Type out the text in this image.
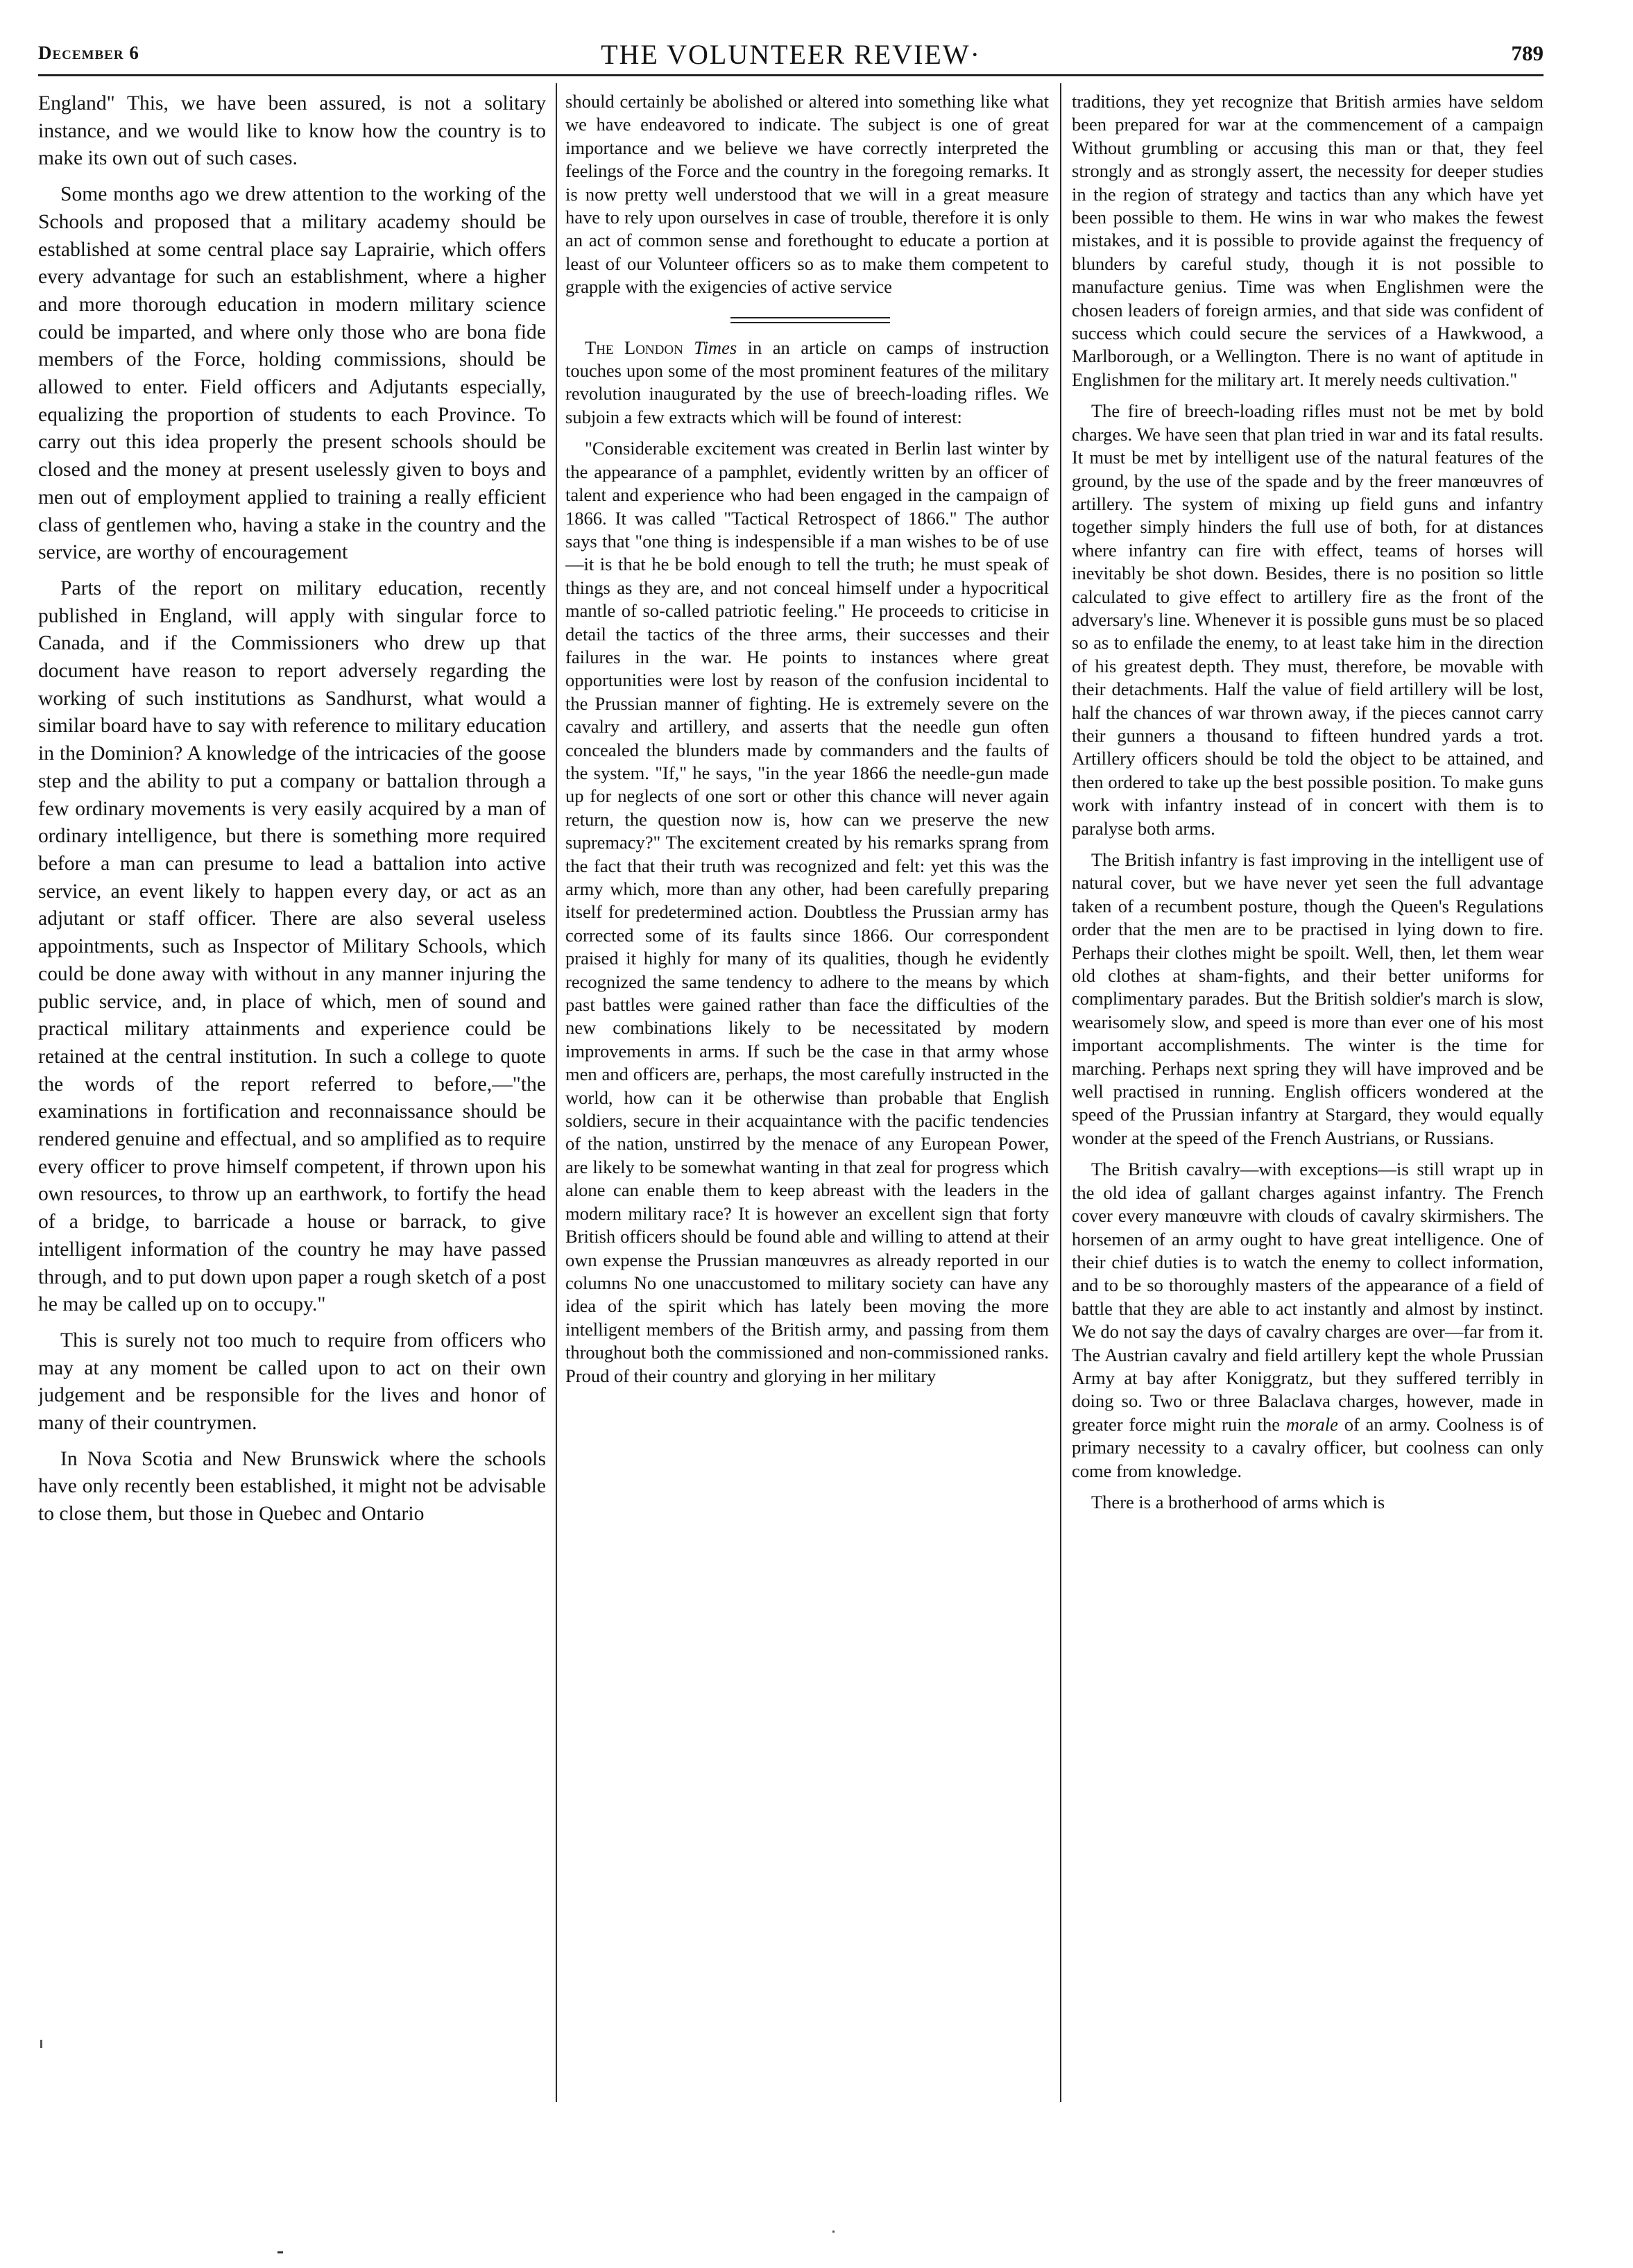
December 6	THE VOLUNTEER REVIEW·	789

England" This, we have been assured, is not a solitary instance, and we would like to know how the country is to make its own out of such cases.

Some months ago we drew attention to the working of the Schools and proposed that a military academy should be established at some central place say Laprairie, which offers every advantage for such an establishment, where a higher and more thorough education in modern military science could be imparted, and where only those who are bona fide members of the Force, holding commissions, should be allowed to enter. Field officers and Adjutants especially, equalizing the proportion of students to each Province. To carry out this idea properly the present schools should be closed and the money at present uselessly given to boys and men out of employment applied to training a really efficient class of gentlemen who, having a stake in the country and the service, are worthy of encouragement

Parts of the report on military education, recently published in England, will apply with singular force to Canada, and if the Commissioners who drew up that document have reason to report adversely regarding the working of such institutions as Sandhurst, what would a similar board have to say with reference to military education in the Dominion? A knowledge of the intricacies of the goose step and the ability to put a company or battalion through a few ordinary movements is very easily acquired by a man of ordinary intelligence, but there is something more required before a man can presume to lead a battalion into active service, an event likely to happen every day, or act as an adjutant or staff officer. There are also several useless appointments, such as Inspector of Military Schools, which could be done away with without in any manner injuring the public service, and, in place of which, men of sound and practical military attainments and experience could be retained at the central institution. In such a college to quote the words of the report referred to before,—"the examinations in fortification and reconnaissance should be rendered genuine and effectual, and so amplified as to require every officer to prove himself competent, if thrown upon his own resources, to throw up an earthwork, to fortify the head of a bridge, to barricade a house or barrack, to give intelligent information of the country he may have passed through, and to put down upon paper a rough sketch of a post he may be called up on to occupy."

This is surely not too much to require from officers who may at any moment be called upon to act on their own judgement and be responsible for the lives and honor of many of their countrymen.

In Nova Scotia and New Brunswick where the schools have only recently been established, it might not be advisable to close them, but those in Quebec and Ontario

should certainly be abolished or altered into something like what we have endeavored to indicate. The subject is one of great importance and we believe we have correctly interpreted the feelings of the Force and the country in the foregoing remarks. It is now pretty well understood that we will in a great measure have to rely upon ourselves in case of trouble, therefore it is only an act of common sense and forethought to educate a portion at least of our Volunteer officers so as to make them competent to grapple with the exigencies of active service

The London Times in an article on camps of instruction touches upon some of the most prominent features of the military revolution inaugurated by the use of breech-loading rifles. We subjoin a few extracts which will be found of interest:

"Considerable excitement was created in Berlin last winter by the appearance of a pamphlet, evidently written by an officer of talent and experience who had been engaged in the campaign of 1866. It was called "Tactical Retrospect of 1866." The author says that "one thing is indespensible if a man wishes to be of use—it is that he be bold enough to tell the truth; he must speak of things as they are, and not conceal himself under a hypocritical mantle of so-called patriotic feeling." He proceeds to criticise in detail the tactics of the three arms, their successes and their failures in the war. He points to instances where great opportunities were lost by reason of the confusion incidental to the Prussian manner of fighting. He is extremely severe on the cavalry and artillery, and asserts that the needle gun often concealed the blunders made by commanders and the faults of the system. "If," he says, "in the year 1866 the needle-gun made up for neglects of one sort or other this chance will never again return, the question now is, how can we preserve the new supremacy?" The excitement created by his remarks sprang from the fact that their truth was recognized and felt: yet this was the army which, more than any other, had been carefully preparing itself for predetermined action. Doubtless the Prussian army has corrected some of its faults since 1866. Our correspondent praised it highly for many of its qualities, though he evidently recognized the same tendency to adhere to the means by which past battles were gained rather than face the difficulties of the new combinations likely to be necessitated by modern improvements in arms. If such be the case in that army whose men and officers are, perhaps, the most carefully instructed in the world, how can it be otherwise than probable that English soldiers, secure in their acquaintance with the pacific tendencies of the nation, unstirred by the menace of any European Power, are likely to be somewhat wanting in that zeal for progress which alone can enable them to keep abreast with the leaders in the modern military race? It is however an excellent sign that forty British officers should be found able and willing to attend at their own expense the Prussian manœuvres as already reported in our columns No one unaccustomed to military society can have any idea of the spirit which has lately been moving the more intelligent members of the British army, and passing from them throughout both the commissioned and non-commissioned ranks. Proud of their country and glorying in her military

traditions, they yet recognize that British armies have seldom been prepared for war at the commencement of a campaign Without grumbling or accusing this man or that, they feel strongly and as strongly assert, the necessity for deeper studies in the region of strategy and tactics than any which have yet been possible to them. He wins in war who makes the fewest mistakes, and it is possible to provide against the frequency of blunders by careful study, though it is not possible to manufacture genius. Time was when Englishmen were the chosen leaders of foreign armies, and that side was confident of success which could secure the services of a Hawkwood, a Marlborough, or a Wellington. There is no want of aptitude in Englishmen for the military art. It merely needs cultivation."

The fire of breech-loading rifles must not be met by bold charges. We have seen that plan tried in war and its fatal results. It must be met by intelligent use of the natural features of the ground, by the use of the spade and by the freer manœuvres of artillery. The system of mixing up field guns and infantry together simply hinders the full use of both, for at distances where infantry can fire with effect, teams of horses will inevitably be shot down. Besides, there is no position so little calculated to give effect to artillery fire as the front of the adversary's line. Whenever it is possible guns must be so placed so as to enfilade the enemy, to at least take him in the direction of his greatest depth. They must, therefore, be movable with their detachments. Half the value of field artillery will be lost, half the chances of war thrown away, if the pieces cannot carry their gunners a thousand to fifteen hundred yards a trot. Artillery officers should be told the object to be attained, and then ordered to take up the best possible position. To make guns work with infantry instead of in concert with them is to paralyse both arms.

The British infantry is fast improving in the intelligent use of natural cover, but we have never yet seen the full advantage taken of a recumbent posture, though the Queen's Regulations order that the men are to be practised in lying down to fire. Perhaps their clothes might be spoilt. Well, then, let them wear old clothes at sham-fights, and their better uniforms for complimentary parades. But the British soldier's march is slow, wearisomely slow, and speed is more than ever one of his most important accomplishments. The winter is the time for marching. Perhaps next spring they will have improved and be well practised in running. English officers wondered at the speed of the Prussian infantry at Stargard, they would equally wonder at the speed of the French Austrians, or Russians.

The British cavalry—with exceptions—is still wrapt up in the old idea of gallant charges against infantry. The French cover every manœuvre with clouds of cavalry skirmishers. The horsemen of an army ought to have great intelligence. One of their chief duties is to watch the enemy to collect information, and to be so thoroughly masters of the appearance of a field of battle that they are able to act instantly and almost by instinct. We do not say the days of cavalry charges are over—far from it. The Austrian cavalry and field artillery kept the whole Prussian Army at bay after Koniggratz, but they suffered terribly in doing so. Two or three Balaclava charges, however, made in greater force might ruin the morale of an army. Coolness is of primary necessity to a cavalry officer, but coolness can only come from knowledge.

There is a brotherhood of arms which is
